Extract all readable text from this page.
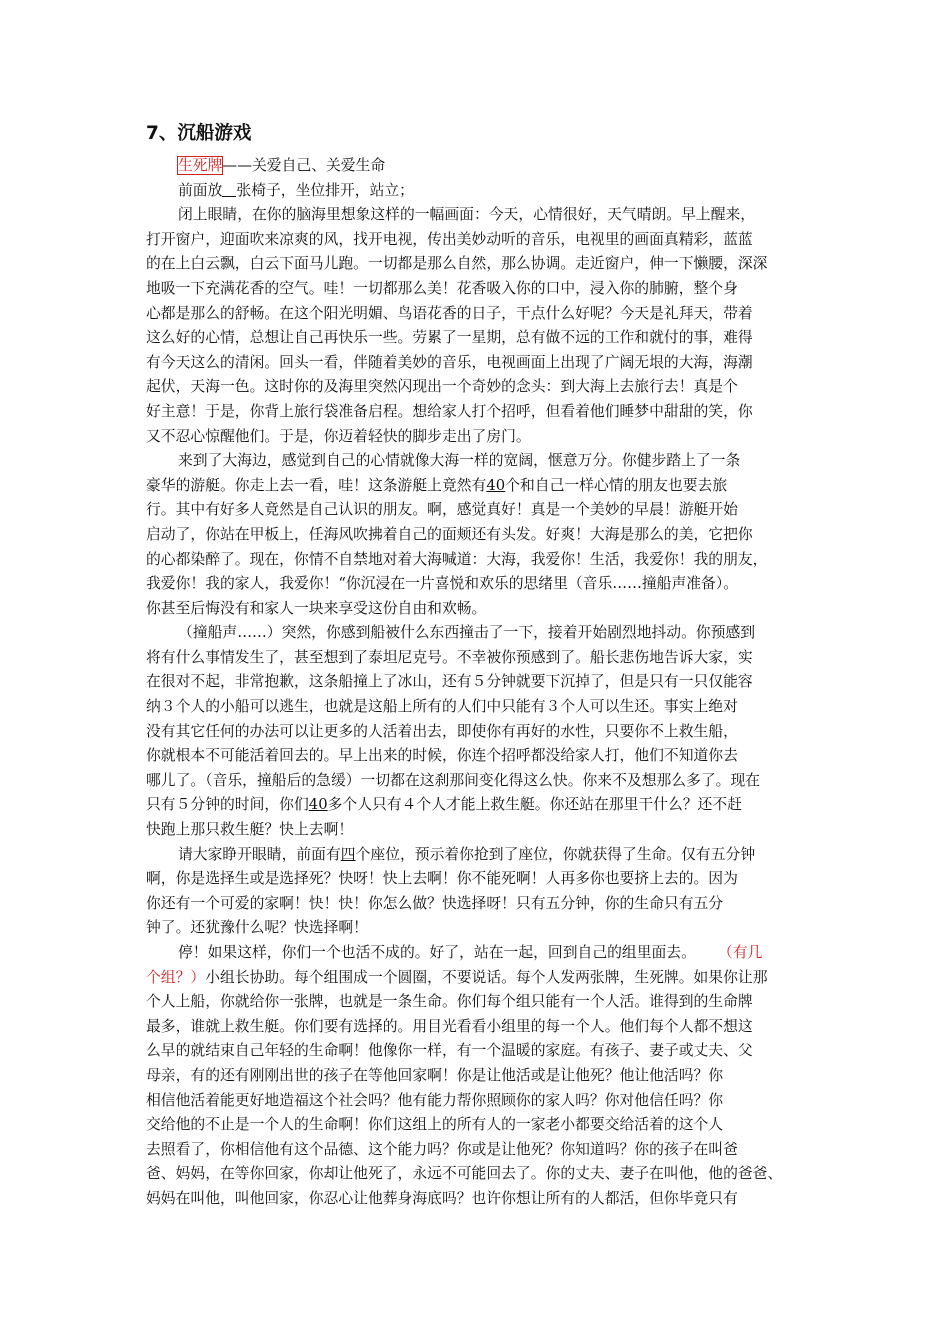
7、沉船游戏

生死牌——关爱自己、关爱生命

前面放 张椅子，坐位排开，站立；

闭上眼睛，在你的脑海里想象这样的一幅画面：今天，心情很好，天气晴朗。早上醒来，

打开窗户，迎面吹来凉爽的风，找开电视，传出美妙动听的音乐，电视里的画面真精彩，蓝蓝

的在上白云飘，白云下面马儿跑。一切都是那么自然，那么协调。走近窗户，伸一下懒腰，深深

地吸一下充满花香的空气。哇！一切都那么美！花香吸入你的口中，浸入你的肺腑，整个身

心都是那么的舒畅。在这个阳光明媚、鸟语花香的日子，干点什么好呢？今天是礼拜天，带着

这么好的心情，总想让自己再快乐一些。劳累了一星期，总有做不远的工作和就付的事，难得

有今天这么的清闲。回头一看，伴随着美妙的音乐，电视画面上出现了广阔无垠的大海，海潮

起伏，天海一色。这时你的及海里突然闪现出一个奇妙的念头：到大海上去旅行去！真是个

好主意！于是，你背上旅行袋准备启程。想给家人打个招呼，但看着他们睡梦中甜甜的笑，你

又不忍心惊醒他们。于是，你迈着轻快的脚步走出了房门。

来到了大海边，感觉到自己的心情就像大海一样的宽阔，惬意万分。你健步踏上了一条

豪华的游艇。你走上去一看，哇！这条游艇上竟然有40个和自己一样心情的朋友也要去旅

行。其中有好多人竟然是自己认识的朋友。啊，感觉真好！真是一个美妙的早晨！游艇开始

启动了，你站在甲板上，任海风吹拂着自己的面颊还有头发。好爽！大海是那么的美，它把你

的心都染醉了。现在，你情不自禁地对着大海喊道：大海，我爱你！生活，我爱你！我的朋友，

我爱你！我的家人，我爱你！“你沉浸在一片喜悦和欢乐的思绪里（音乐……撞船声准备）。

你甚至后悔没有和家人一块来享受这份自由和欢畅。

（撞船声……）突然，你感到船被什么东西撞击了一下，接着开始剧烈地抖动。你预感到

将有什么事情发生了，甚至想到了泰坦尼克号。不幸被你预感到了。船长悲伤地告诉大家，实

在很对不起，非常抱歉，这条船撞上了冰山，还有５分钟就要下沉掉了，但是只有一只仅能容

纳３个人的小船可以逃生，也就是这船上所有的人们中只能有３个人可以生还。事实上绝对

没有其它任何的办法可以让更多的人活着出去，即使你有再好的水性，只要你不上救生船，

你就根本不可能活着回去的。早上出来的时候，你连个招呼都没给家人打，他们不知道你去

哪儿了。（音乐，撞船后的急缓）一切都在这刹那间变化得这么快。你来不及想那么多了。现在

只有５分钟的时间，你们40多个人只有４个人才能上救生艇。你还站在那里干什么？还不赶

快跑上那只救生艇？快上去啊！

请大家睁开眼睛，前面有四个座位，预示着你抢到了座位，你就获得了生命。仅有五分钟

啊，你是选择生或是选择死？快呀！快上去啊！你不能死啊！人再多你也要挤上去的。因为

你还有一个可爱的家啊！快！快！你怎么做？快选择呀！只有五分钟，你的生命只有五分

钟了。还犹豫什么呢？快选择啊！

停！如果这样，你们一个也活不成的。好了，站在一起，回到自己的组里面去。 （有几

个组？）小组长协助。每个组围成一个圆圈，不要说话。每个人发两张牌，生死牌。如果你让那

个人上船，你就给你一张牌，也就是一条生命。你们每个组只能有一个人活。谁得到的生命牌

最多，谁就上救生艇。你们要有选择的。用目光看看小组里的每一个人。他们每个人都不想这

么早的就结束自己年轻的生命啊！他像你一样，有一个温暖的家庭。有孩子、妻子或丈夫、父

母亲，有的还有刚刚出世的孩子在等他回家啊！你是让他活或是让他死？他让他活吗？你

相信他活着能更好地造福这个社会吗？他有能力帮你照顾你的家人吗？你对他信任吗？你

交给他的不止是一个人的生命啊！你们这组上的所有人的一家老小都要交给活着的这个人

去照看了，你相信他有这个品德、这个能力吗？你或是让他死？你知道吗？你的孩子在叫爸

爸、妈妈，在等你回家，你却让他死了，永远不可能回去了。你的丈夫、妻子在叫他，他的爸爸、

妈妈在叫他，叫他回家，你忍心让他葬身海底吗？也许你想让所有的人都活，但你毕竟只有
